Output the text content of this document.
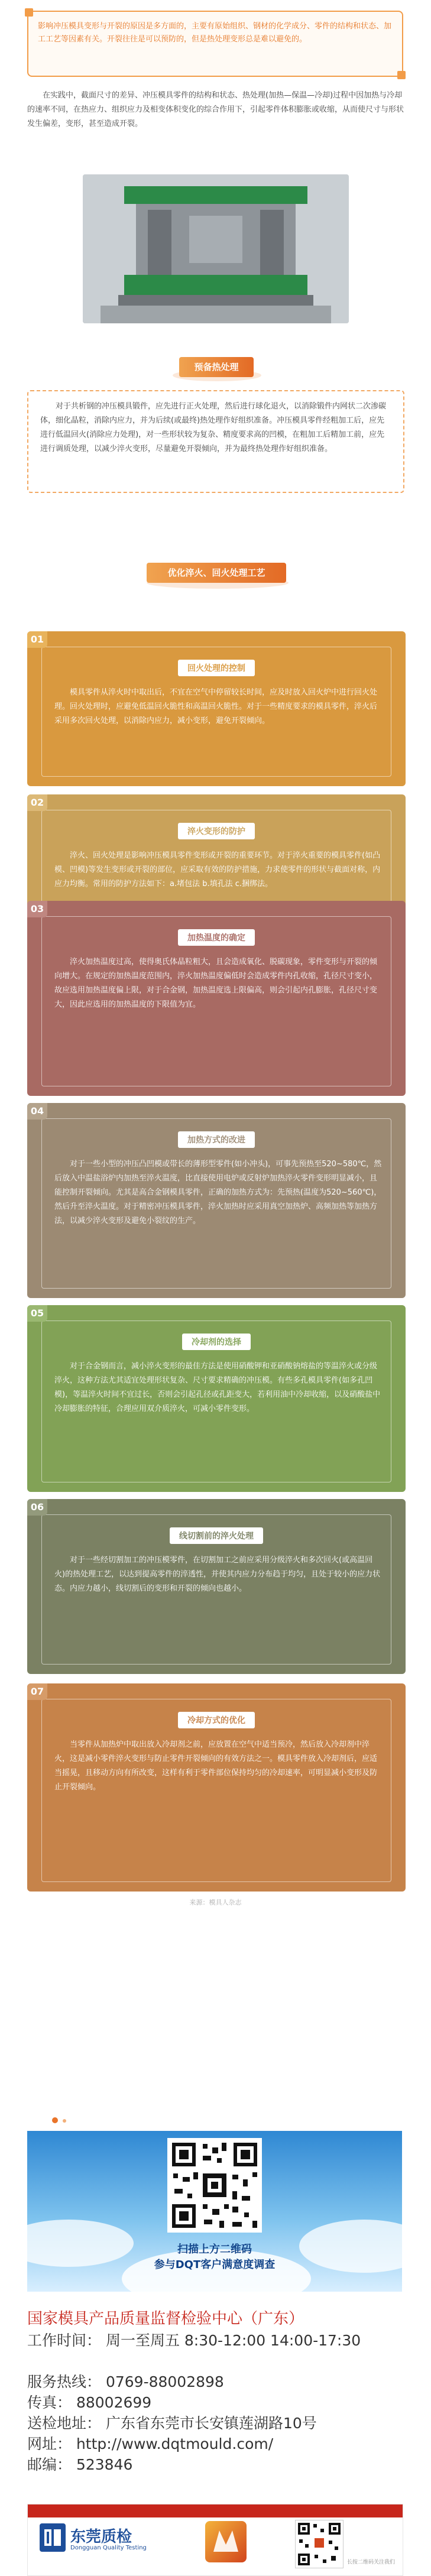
影响冲压模具变形与开裂的原因是多方面的，主要有原始组织、钢材的化学成分、零件的结构和状态、加工工艺等因素有关。开裂往往是可以预防的，但是热处理变形总是难以避免的。

在实践中，截面尺寸的差异、冲压模具零件的结构和状态、热处理(加热—保温—冷却)过程中因加热与冷却的速率不同，在热应力、组织应力及相变体积变化的综合作用下，引起零件体积膨胀或收缩，从而使尺寸与形状发生偏差，变形，甚至造成开裂。

预备热处理

对于共析钢的冲压模具锻件，应先进行正火处理，然后进行球化退火，以消除锻件内网状二次渗碳体，细化晶粒，消除内应力，并为后续(或最终)热处理作好组织准备。冲压模具零件经粗加工后，应先进行低温回火(消除应力处理)，对一些形状较为复杂、精度要求高的凹模，在粗加工后精加工前，应先进行调质处理，以减少淬火变形，尽量避免开裂倾向，并为最终热处理作好组织准备。

优化淬火、回火处理工艺
01
回火处理的控制

模具零件从淬火时中取出后，不宜在空气中停留较长时间，应及时放入回火炉中进行回火处理。回火处理时，应避免低温回火脆性和高温回火脆性。对于一些精度要求的模具零件，淬火后采用多次回火处理，以消除内应力，减小变形，避免开裂倾向。

02
淬火变形的防护

淬火、回火处理是影响冲压模具零件变形或开裂的重要环节。对于淬火重要的模具零件(如凸模、凹模)等发生变形或开裂的部位，应采取有效的防护措施，力求使零件的形状与截面对称，内应力均衡。常用的防护方法如下：a.堵包法 b.填孔法 c.捆绑法。

03
加热温度的确定

淬火加热温度过高，使得奥氏体晶粒粗大，且会造成氧化、脱碳现象，零件变形与开裂的倾向增大。在规定的加热温度范围内，淬火加热温度偏低时会造成零件内孔收缩，孔径尺寸变小，故应选用加热温度偏上限，对于合金钢，加热温度选上限偏高，则会引起内孔膨胀，孔径尺寸变大，因此应选用的加热温度的下限值为宜。

04
加热方式的改进

对于一些小型的冲压凸凹模或带长的薄形型零件(如小冲头)，可事先预热至520~580℃，然后放入中温盐浴炉内加热至淬火温度，比直接使用电炉或反射炉加热淬火零件变形明显减小，且能控制开裂倾向。尤其是高合金钢模具零件，正确的加热方式为：先预热(温度为520~560℃)，然后升至淬火温度。对于精密冲压模具零件，淬火加热时应采用真空加热炉、高频加热等加热方法，以减少淬火变形及避免小裂纹的生产。

05
冷却剂的选择

对于合金钢而言，减小淬火变形的最佳方法是使用硝酸钾和亚硝酸钠熔盐的等温淬火或分级淬火，这种方法尤其适宜处理形状复杂、尺寸要求精确的冲压模。有些多孔模具零件(如多孔凹模)，等温淬火时间不宜过长，否则会引起孔径或孔距变大，若利用油中冷却收缩，以及硝酸盐中冷却膨胀的特征，合理应用双介质淬火，可减小零件变形。

06
线切割前的淬火处理

对于一些经切割加工的冲压模零件，在切割加工之前应采用分级淬火和多次回火(或高温回火)的热处理工艺，以达到提高零件的淬透性，并使其内应力分布趋于均匀，且处于较小的应力状态。内应力越小，线切割后的变形和开裂的倾向也越小。

07
冷却方式的优化

当零件从加热炉中取出放入冷却剂之前，应放置在空气中适当预冷，然后放入冷却剂中淬火，这是减小零件淬火变形与防止零件开裂倾向的有效方法之一。模具零件放入冷却剂后，应适当摇晃，且移动方向有所改变，这样有利于零件部位保持均匀的冷却速率，可明显减小变形及防止开裂倾向。

来源：模具人杂志
扫描上方二维码
参与DQT客户满意度调查

国家模具产品质量监督检验中心（广东）

工作时间： 周一至周五 8:30-12:00 14:00-17:30

服务热线： 0769-88002898

传真： 88002699

送检地址： 广东省东莞市长安镇莲湖路10号

网址： http://www.dqtmould.com/

邮编： 523846

东莞质检
Dongguan Quality Testing
长按二维码关注我们
